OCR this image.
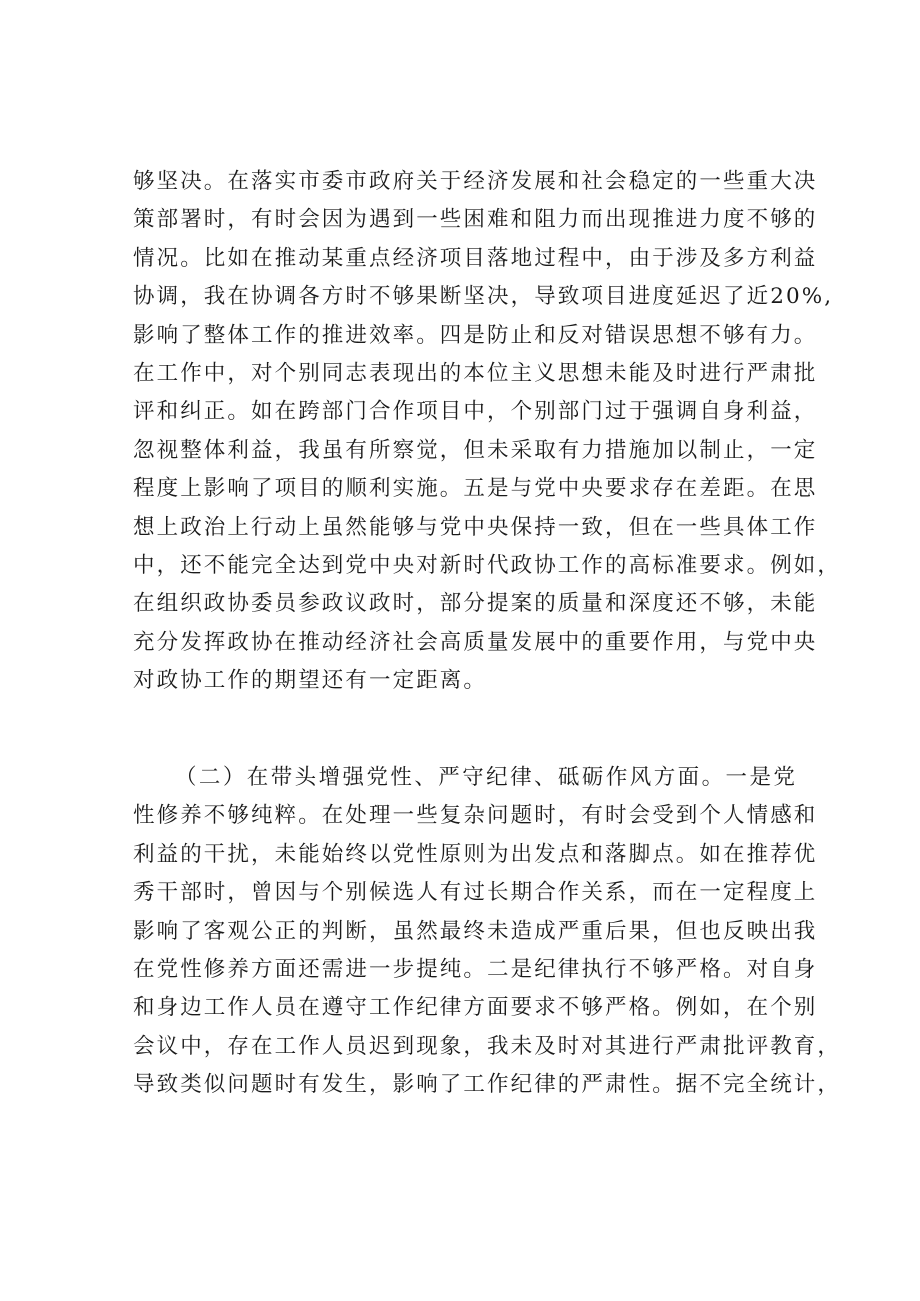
够坚决。在落实市委市政府关于经济发展和社会稳定的一些重大决
策部署时，有时会因为遇到一些困难和阻力而出现推进力度不够的
情况。比如在推动某重点经济项目落地过程中，由于涉及多方利益
协调，我在协调各方时不够果断坚决，导致项目进度延迟了近20%,
影响了整体工作的推进效率。四是防止和反对错误思想不够有力。
在工作中，对个别同志表现出的本位主义思想未能及时进行严肃批
评和纠正。如在跨部门合作项目中，个别部门过于强调自身利益，
忽视整体利益，我虽有所察觉，但未采取有力措施加以制止，一定
程度上影响了项目的顺利实施。五是与党中央要求存在差距。在思
想上政治上行动上虽然能够与党中央保持一致，但在一些具体工作
中，还不能完全达到党中央对新时代政协工作的高标准要求。例如，
在组织政协委员参政议政时，部分提案的质量和深度还不够，未能
充分发挥政协在推动经济社会高质量发展中的重要作用，与党中央
对政协工作的期望还有一定距离。
（二）在带头增强党性、严守纪律、砥砺作风方面。一是党
性修养不够纯粹。在处理一些复杂问题时，有时会受到个人情感和
利益的干扰，未能始终以党性原则为出发点和落脚点。如在推荐优
秀干部时，曾因与个别候选人有过长期合作关系，而在一定程度上
影响了客观公正的判断，虽然最终未造成严重后果，但也反映出我
在党性修养方面还需进一步提纯。二是纪律执行不够严格。对自身
和身边工作人员在遵守工作纪律方面要求不够严格。例如，在个别
会议中，存在工作人员迟到现象，我未及时对其进行严肃批评教育，
导致类似问题时有发生，影响了工作纪律的严肃性。据不完全统计，
